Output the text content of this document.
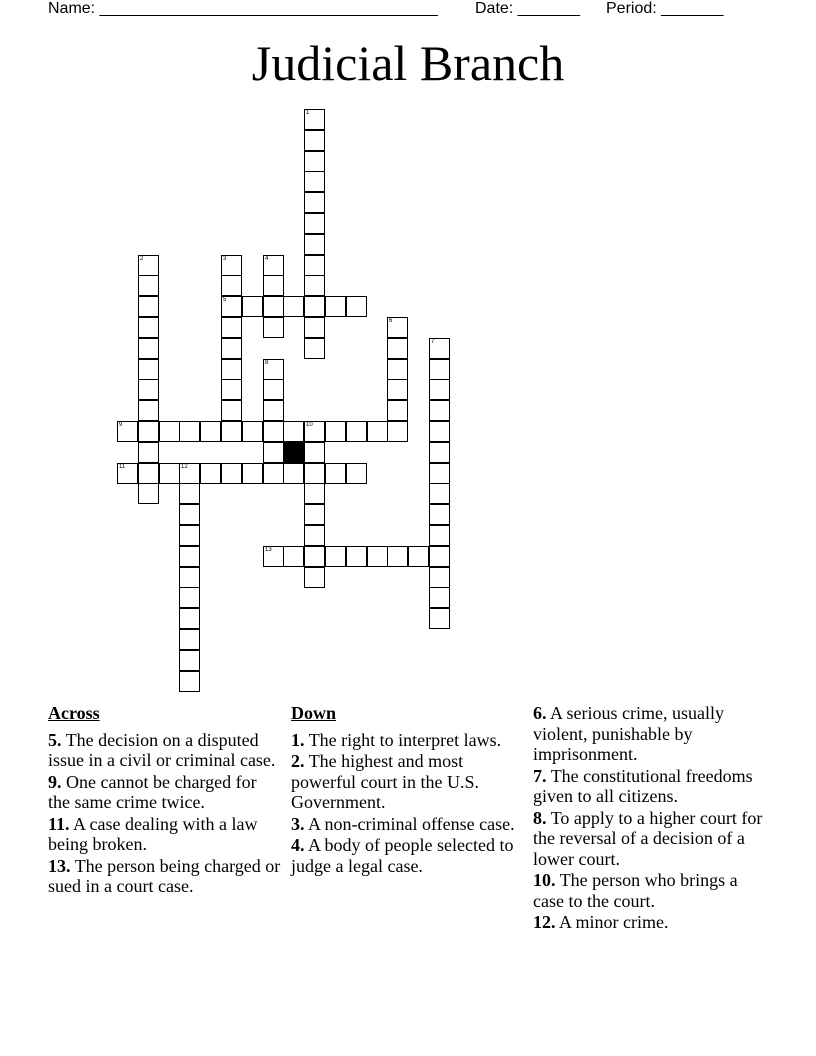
Name: ______________________________________ Date: _______ Period: _______
Judicial Branch
1
2	3
5
4
6
7
8
9	10
11	12
13
Across
5. The decision on a disputed issue in a civil or criminal case.
9. One cannot be charged for the same crime twice.
11. A case dealing with a law being broken.
13. The person being charged or sued in a court case.
Down
1. The right to interpret laws.
2. The highest and most powerful court in the U.S. Government.
3. A non-criminal offense case.
4. A body of people selected to judge a legal case.
6. A serious crime, usually violent, punishable by imprisonment.
7. The constitutional freedoms given to all citizens.
8. To apply to a higher court for the reversal of a decision of a lower court.
10. The person who brings a case to the court.
12. A minor crime.
